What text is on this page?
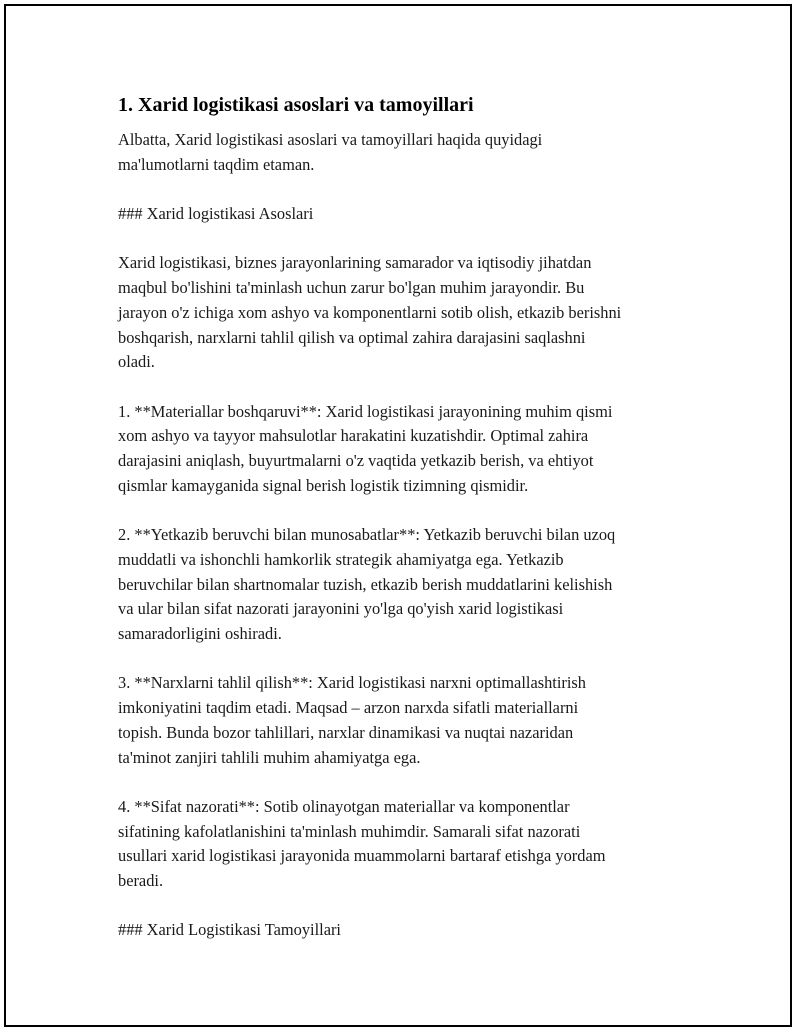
1. Xarid logistikasi asoslari va tamoyillari

Albatta, Xarid logistikasi asoslari va tamoyillari haqida quyidagi
ma'lumotlarni taqdim etaman.

### Xarid logistikasi Asoslari

Xarid logistikasi, biznes jarayonlarining samarador va iqtisodiy jihatdan
maqbul bo'lishini ta'minlash uchun zarur bo'lgan muhim jarayondir. Bu
jarayon o'z ichiga xom ashyo va komponentlarni sotib olish, etkazib berishni
boshqarish, narxlarni tahlil qilish va optimal zahira darajasini saqlashni
oladi.

1. **Materiallar boshqaruvi**: Xarid logistikasi jarayonining muhim qismi
xom ashyo va tayyor mahsulotlar harakatini kuzatishdir. Optimal zahira
darajasini aniqlash, buyurtmalarni o'z vaqtida yetkazib berish, va ehtiyot
qismlar kamayganida signal berish logistik tizimning qismidir.

2. **Yetkazib beruvchi bilan munosabatlar**: Yetkazib beruvchi bilan uzoq
muddatli va ishonchli hamkorlik strategik ahamiyatga ega. Yetkazib
beruvchilar bilan shartnomalar tuzish, etkazib berish muddatlarini kelishish
va ular bilan sifat nazorati jarayonini yo'lga qo'yish xarid logistikasi
samaradorligini oshiradi.

3. **Narxlarni tahlil qilish**: Xarid logistikasi narxni optimallashtirish
imkoniyatini taqdim etadi. Maqsad – arzon narxda sifatli materiallarni
topish. Bunda bozor tahlillari, narxlar dinamikasi va nuqtai nazaridan
ta'minot zanjiri tahlili muhim ahamiyatga ega.

4. **Sifat nazorati**: Sotib olinayotgan materiallar va komponentlar
sifatining kafolatlanishini ta'minlash muhimdir. Samarali sifat nazorati
usullari xarid logistikasi jarayonida muammolarni bartaraf etishga yordam
beradi.

### Xarid Logistikasi Tamoyillari
